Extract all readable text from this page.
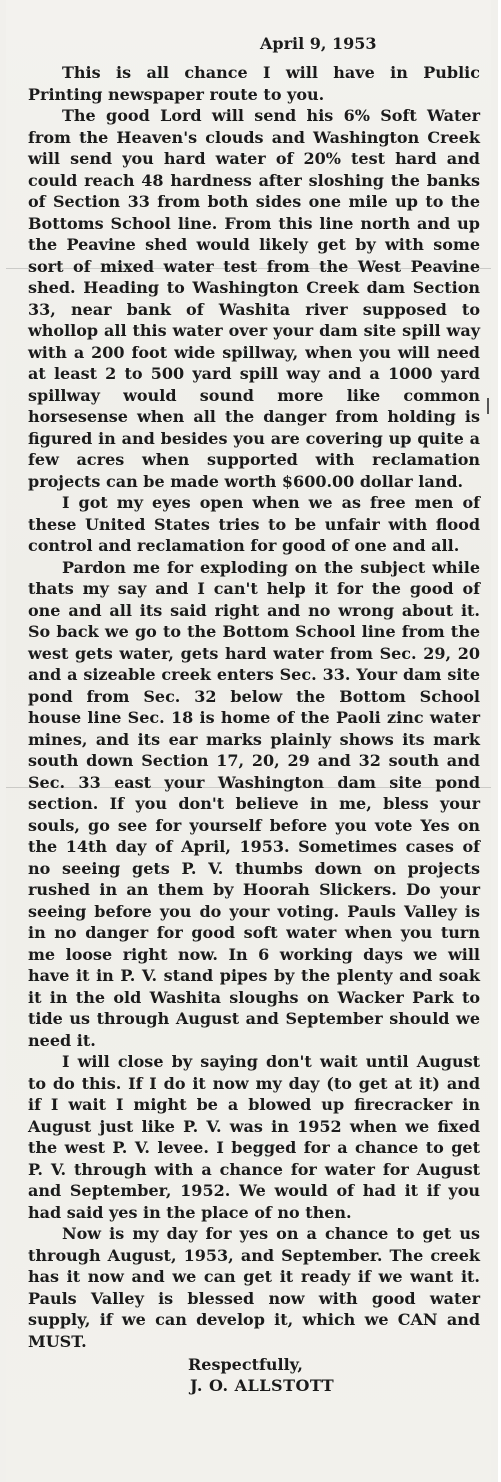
April 9, 1953

This is all chance I will have in Public Printing newspaper route to you.

The good Lord will send his 6% Soft Water from the Heaven's clouds and Washington Creek will send you hard water of 20% test hard and could reach 48 hardness after sloshing the banks of Section 33 from both sides one mile up to the Bottoms School line. From this line north and up the Peavine shed would likely get by with some sort of mixed water test from the West Peavine shed. Heading to Washington Creek dam Section 33, near bank of Washita river supposed to whollop all this water over your dam site spill way with a 200 foot wide spillway, when you will need at least 2 to 500 yard spill way and a 1000 yard spillway would sound more like common horsesense when all the danger from holding is figured in and besides you are covering up quite a few acres when supported with reclamation projects can be made worth $600.00 dollar land.

I got my eyes open when we as free men of these United States tries to be unfair with flood control and reclamation for good of one and all.

Pardon me for exploding on the subject while thats my say and I can't help it for the good of one and all its said right and no wrong about it. So back we go to the Bottom School line from the west gets water, gets hard water from Sec. 29, 20 and a sizeable creek enters Sec. 33. Your dam site pond from Sec. 32 below the Bottom School house line Sec. 18 is home of the Paoli zinc water mines, and its ear marks plainly shows its mark south down Section 17, 20, 29 and 32 south and Sec. 33 east your Washington dam site pond section. If you don't believe in me, bless your souls, go see for yourself before you vote Yes on the 14th day of April, 1953. Sometimes cases of no seeing gets P. V. thumbs down on projects rushed in an them by Hoorah Slickers. Do your seeing before you do your voting. Pauls Valley is in no danger for good soft water when you turn me loose right now. In 6 working days we will have it in P. V. stand pipes by the plenty and soak it in the old Washita sloughs on Wacker Park to tide us through August and September should we need it.

I will close by saying don't wait until August to do this. If I do it now my day (to get at it) and if I wait I might be a blowed up firecracker in August just like P. V. was in 1952 when we fixed the west P. V. levee. I begged for a chance to get P. V. through with a chance for water for August and September, 1952. We would of had it if you had said yes in the place of no then.

Now is my day for yes on a chance to get us through August, 1953, and September. The creek has it now and we can get it ready if we want it. Pauls Valley is blessed now with good water supply, if we can develop it, which we CAN and MUST.

Respectfully,
J. O. ALLSTOTT
